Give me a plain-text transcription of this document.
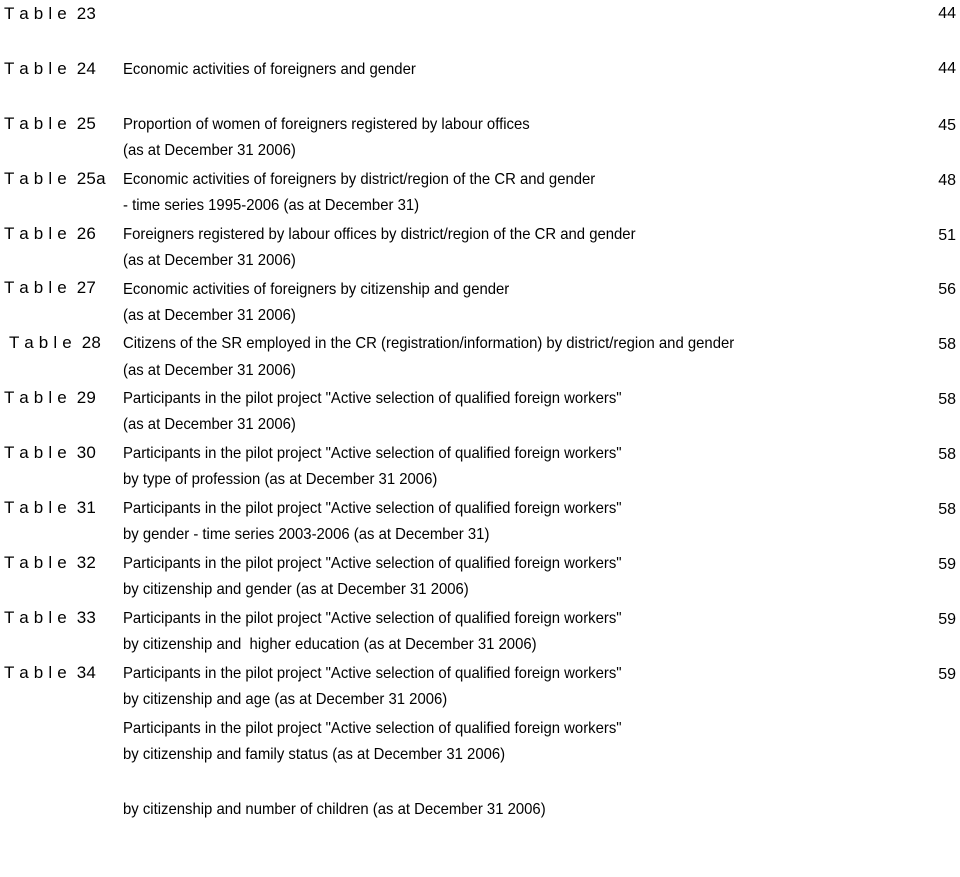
T a b l e  23

Economic activities of foreigners and gender

(as at December 31 2006)

44
T a b l e  24

Proportion of women of foreigners registered by labour offices

- time series 1995-2006 (as at December 31)

44
T a b l e  25

Economic activities of foreigners by district/region of the CR and gender

(as at December 31 2006)

45
T a b l e  25a

Foreigners registered by labour offices by district/region of the CR and gender

(as at December 31 2006)

48
T a b l e  26

Economic activities of foreigners by citizenship and gender

(as at December 31 2006)

51
T a b l e  27

Citizens of the SR employed in the CR (registration/information) by district/region and gender

(as at December 31 2006)

56
T a b l e  28

Participants in the pilot project "Active selection of qualified foreign workers"

by type of profession (as at December 31 2006)

58
T a b l e  29

Participants in the pilot project "Active selection of qualified foreign workers"

by gender - time series 2003-2006 (as at December 31)

58
T a b l e  30

Participants in the pilot project "Active selection of qualified foreign workers"

by citizenship and gender (as at December 31 2006)

58
T a b l e  31

Participants in the pilot project "Active selection of qualified foreign workers"

by citizenship and  higher education (as at December 31 2006)

58
T a b l e  32

Participants in the pilot project "Active selection of qualified foreign workers"

by citizenship and age (as at December 31 2006)

59
T a b l e  33

Participants in the pilot project "Active selection of qualified foreign workers"

by citizenship and family status (as at December 31 2006)

59
T a b l e  34

Participants in the pilot project "Active selection of qualified foreign workers"

by citizenship and number of children (as at December 31 2006)

59
